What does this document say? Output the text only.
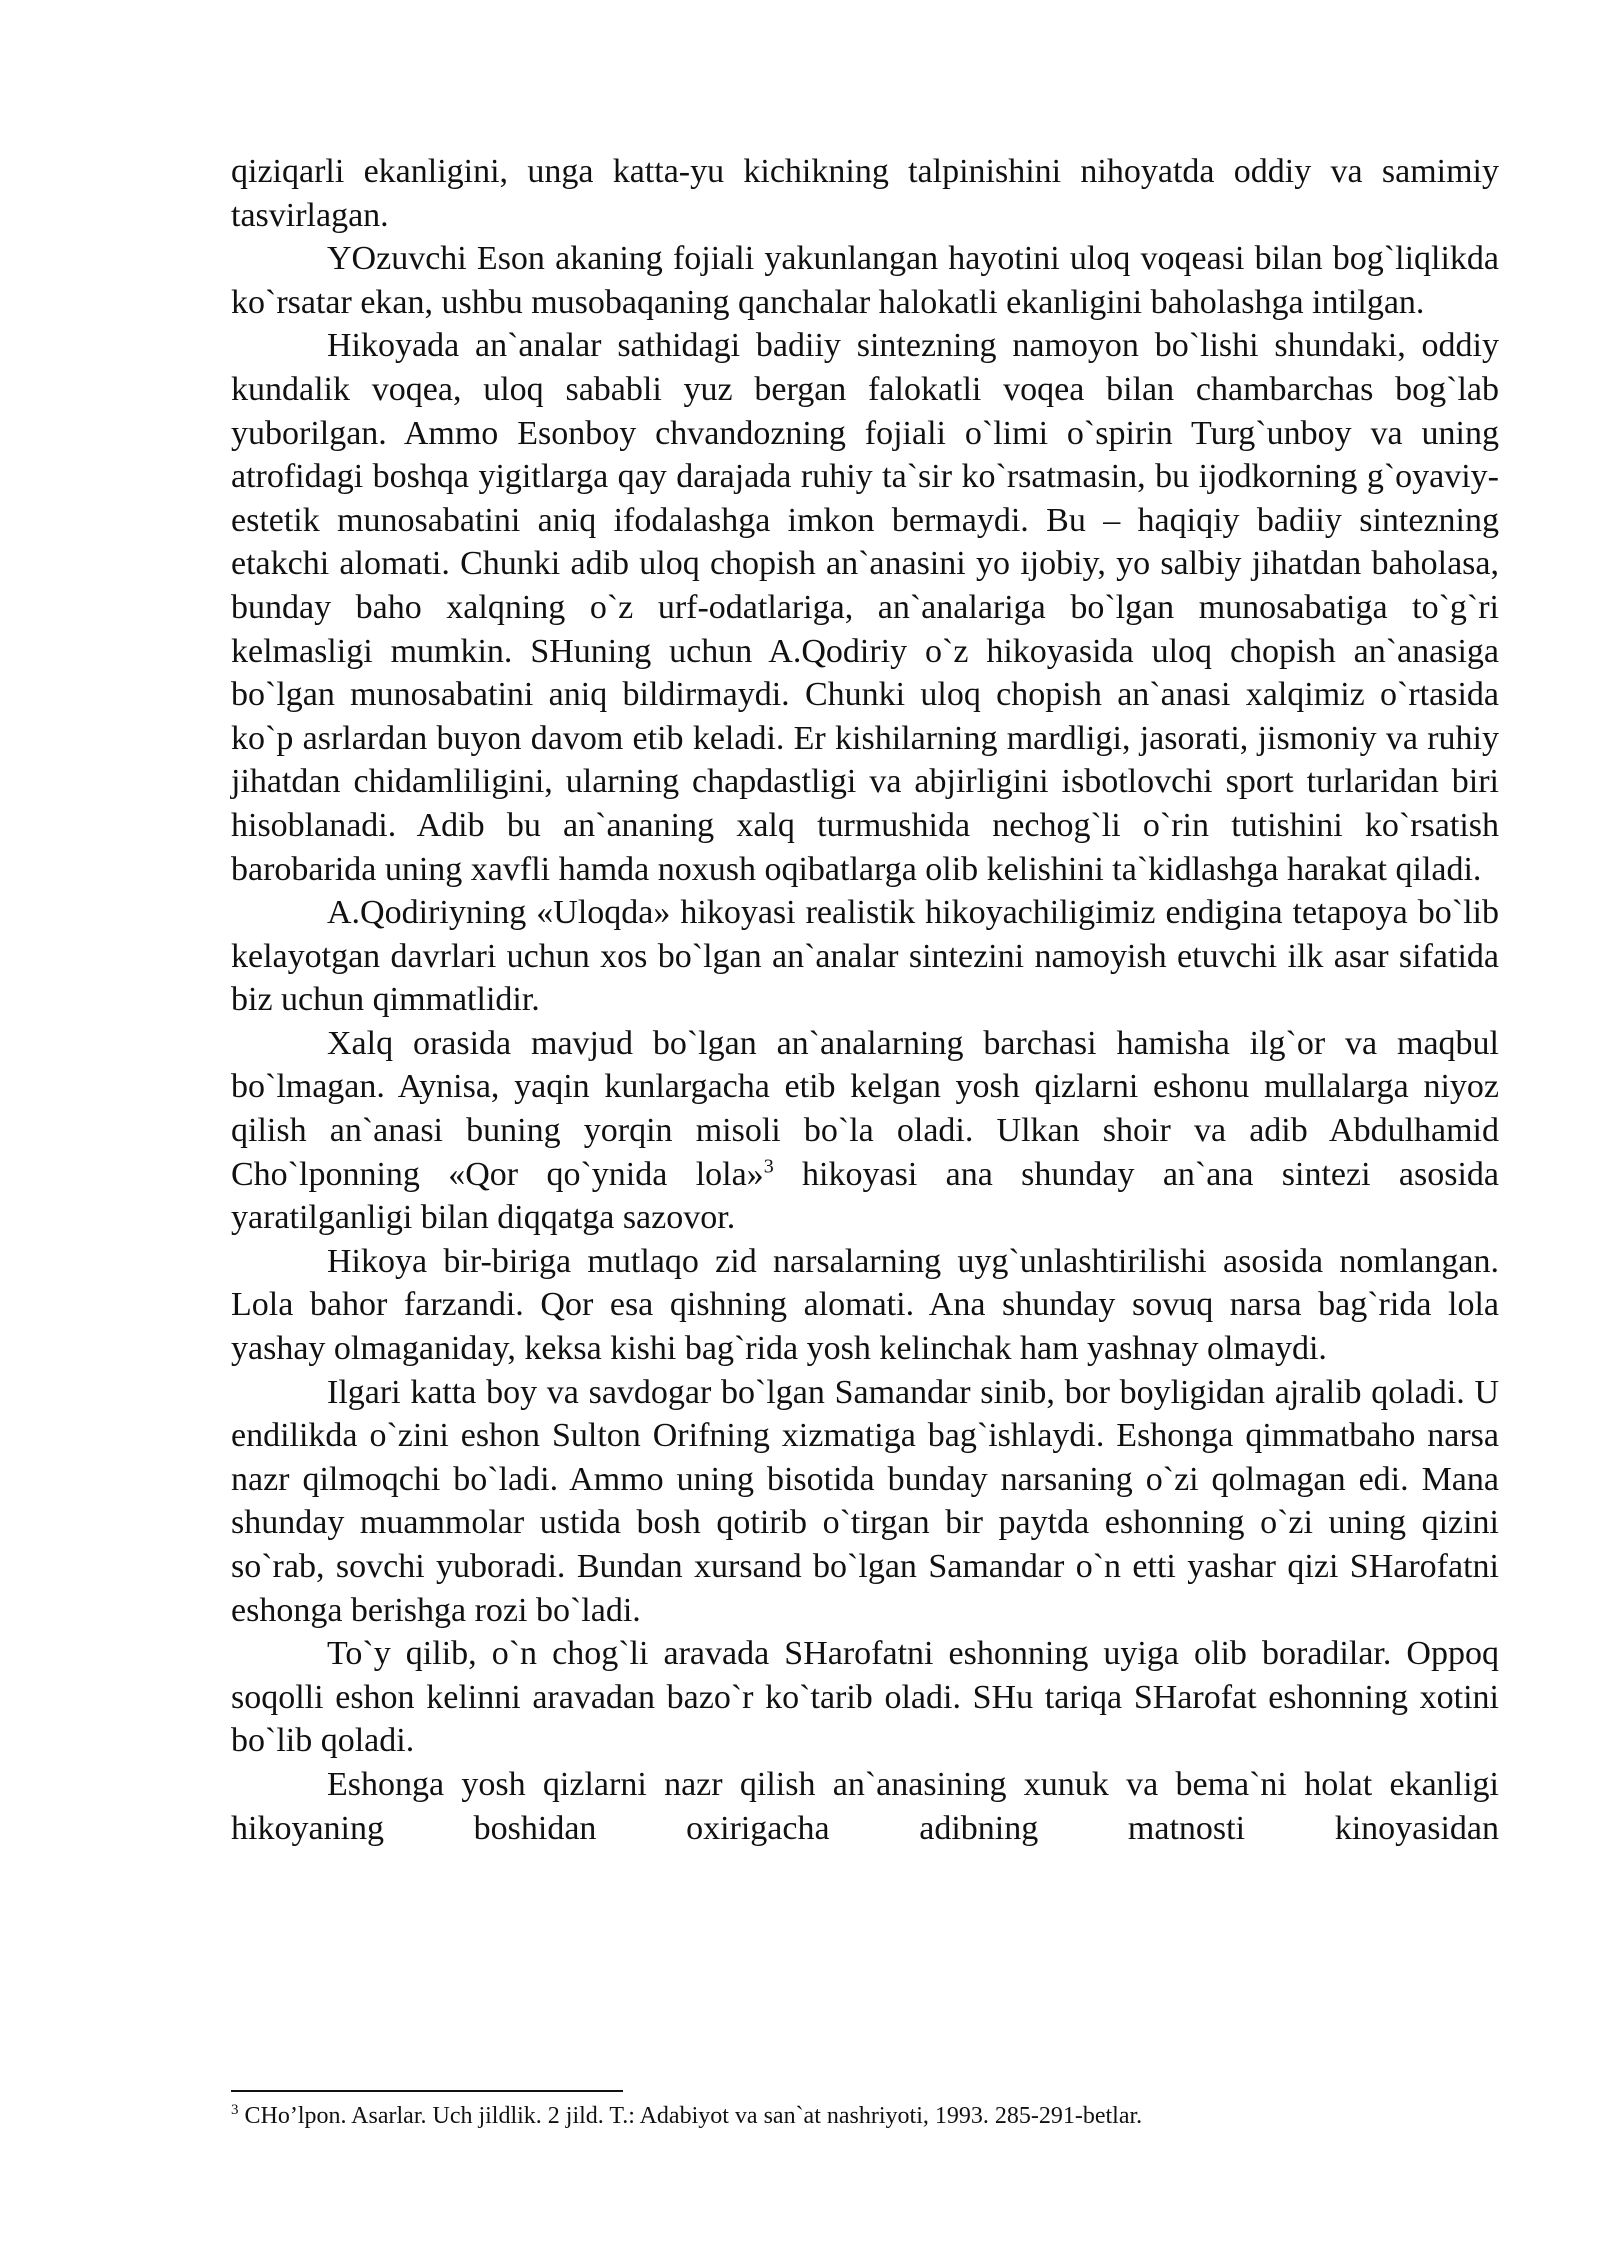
qiziqarli ekanligini, unga katta-yu kichikning talpinishini nihoyatda oddiy va samimiy tasvirlagan.

YOzuvchi Eson akaning fojiali yakunlangan hayotini uloq voqeasi bilan bog`liqlikda ko`rsatar ekan, ushbu musobaqaning qanchalar halokatli ekanligini baholashga intilgan.

Hikoyada an`analar sathidagi badiiy sintezning namoyon bo`lishi shundaki, oddiy kundalik voqea, uloq sababli yuz bergan falokatli voqea bilan chambarchas bog`lab yuborilgan. Ammo Esonboy chvandozning fojiali o`limi o`spirin Turg`unboy va uning atrofidagi boshqa yigitlarga qay darajada ruhiy ta`sir ko`rsatmasin, bu ijodkorning g`oyaviy-estetik munosabatini aniq ifodalashga imkon bermaydi. Bu – haqiqiy badiiy sintezning etakchi alomati. Chunki adib uloq chopish an`anasini yo ijobiy, yo salbiy jihatdan baholasa, bunday baho xalqning o`z urf-odatlariga, an`analariga bo`lgan munosabatiga to`g`ri kelmasligi mumkin. SHuning uchun A.Qodiriy o`z hikoyasida uloq chopish an`anasiga bo`lgan munosabatini aniq bildirmaydi. Chunki uloq chopish an`anasi xalqimiz o`rtasida ko`p asrlardan buyon davom etib keladi. Er kishilarning mardligi, jasorati, jismoniy va ruhiy jihatdan chidamliligini, ularning chapdastligi va abjirligini isbotlovchi sport turlaridan biri hisoblanadi. Adib bu an`ananing xalq turmushida nechog`li o`rin tutishini ko`rsatish barobarida uning xavfli hamda noxush oqibatlarga olib kelishini ta`kidlashga harakat qiladi.

A.Qodiriyning «Uloqda» hikoyasi realistik hikoyachiligimiz endigina tetapoya bo`lib kelayotgan davrlari uchun xos bo`lgan an`analar sintezini namoyish etuvchi ilk asar sifatida biz uchun qimmatlidir.

Xalq orasida mavjud bo`lgan an`analarning barchasi hamisha ilg`or va maqbul bo`lmagan. Aynisa, yaqin kunlargacha etib kelgan yosh qizlarni eshonu mullalarga niyoz qilish an`anasi buning yorqin misoli bo`la oladi. Ulkan shoir va adib Abdulhamid Cho`lponning «Qor qo`ynida lola»$^3$ hikoyasi ana shunday an`ana sintezi asosida yaratilganligi bilan diqqatga sazovor.

Hikoya bir-biriga mutlaqo zid narsalarning uyg`unlashtirilishi asosida nomlangan. Lola bahor farzandi. Qor esa qishning alomati. Ana shunday sovuq narsa bag`rida lola yashay olmaganiday, keksa kishi bag`rida yosh kelinchak ham yashnay olmaydi.

Ilgari katta boy va savdogar bo`lgan Samandar sinib, bor boyligidan ajralib qoladi. U endilikda o`zini eshon Sulton Orifning xizmatiga bag`ishlaydi. Eshonga qimmatbaho narsa nazr qilmoqchi bo`ladi. Ammo uning bisotida bunday narsaning o`zi qolmagan edi. Mana shunday muammolar ustida bosh qotirib o`tirgan bir paytda eshonning o`zi uning qizini so`rab, sovchi yuboradi. Bundan xursand bo`lgan Samandar o`n etti yashar qizi SHarofatni eshonga berishga rozi bo`ladi.

To`y qilib, o`n chog`li aravada SHarofatni eshonning uyiga olib boradilar. Oppoq soqolli eshon kelinni aravadan bazo`r ko`tarib oladi. SHu tariqa SHarofat eshonning xotini bo`lib qoladi.

Eshonga yosh qizlarni nazr qilish an`anasining xunuk va bema`ni holat ekanligi hikoyaning boshidan oxirigacha adibning matnosti kinoyasidan

$^3$ CHo’lpon. Asarlar. Uch jildlik. 2 jild. T.: Adabiyot va san`at nashriyoti, 1993. 285-291-betlar.
